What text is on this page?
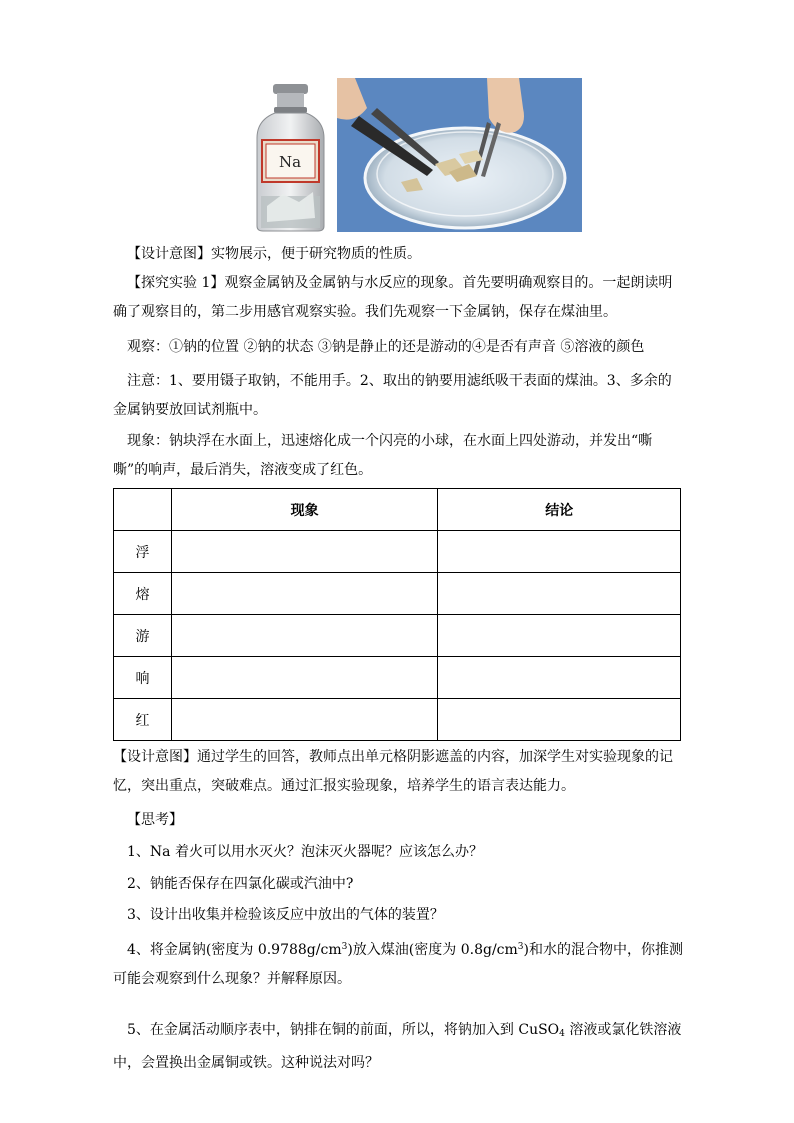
Na

【设计意图】实物展示，便于研究物质的性质。

【探究实验 1】观察金属钠及金属钠与水反应的现象。首先要明确观察目的。一起朗读明确了观察目的，第二步用感官观察实验。我们先观察一下金属钠，保存在煤油里。

观察：①钠的位置 ②钠的状态 ③钠是静止的还是游动的④是否有声音 ⑤溶液的颜色

注意：1、要用镊子取钠，不能用手。2、取出的钠要用滤纸吸干表面的煤油。3、多余的金属钠要放回试剂瓶中。

现象：钠块浮在水面上，迅速熔化成一个闪亮的小球，在水面上四处游动，并发出“嘶嘶”的响声，最后消失，溶液变成了红色。

	现象	结论
浮		
熔		
游		
响		
红		

【设计意图】通过学生的回答，教师点出单元格阴影遮盖的内容，加深学生对实验现象的记忆，突出重点，突破难点。通过汇报实验现象，培养学生的语言表达能力。

【思考】

1、Na 着火可以用水灭火？泡沫灭火器呢？应该怎么办？

2、钠能否保存在四氯化碳或汽油中?

3、设计出收集并检验该反应中放出的气体的装置？

4、将金属钠(密度为 $0.9788g/cm^3$)放入煤油(密度为 $0.8g/cm^3$)和水的混合物中，你推测可能会观察到什么现象？并解释原因。

5、在金属活动顺序表中，钠排在铜的前面，所以，将钠加入到 CuSO$_4$ 溶液或氯化铁溶液中，会置换出金属铜或铁。这种说法对吗？
